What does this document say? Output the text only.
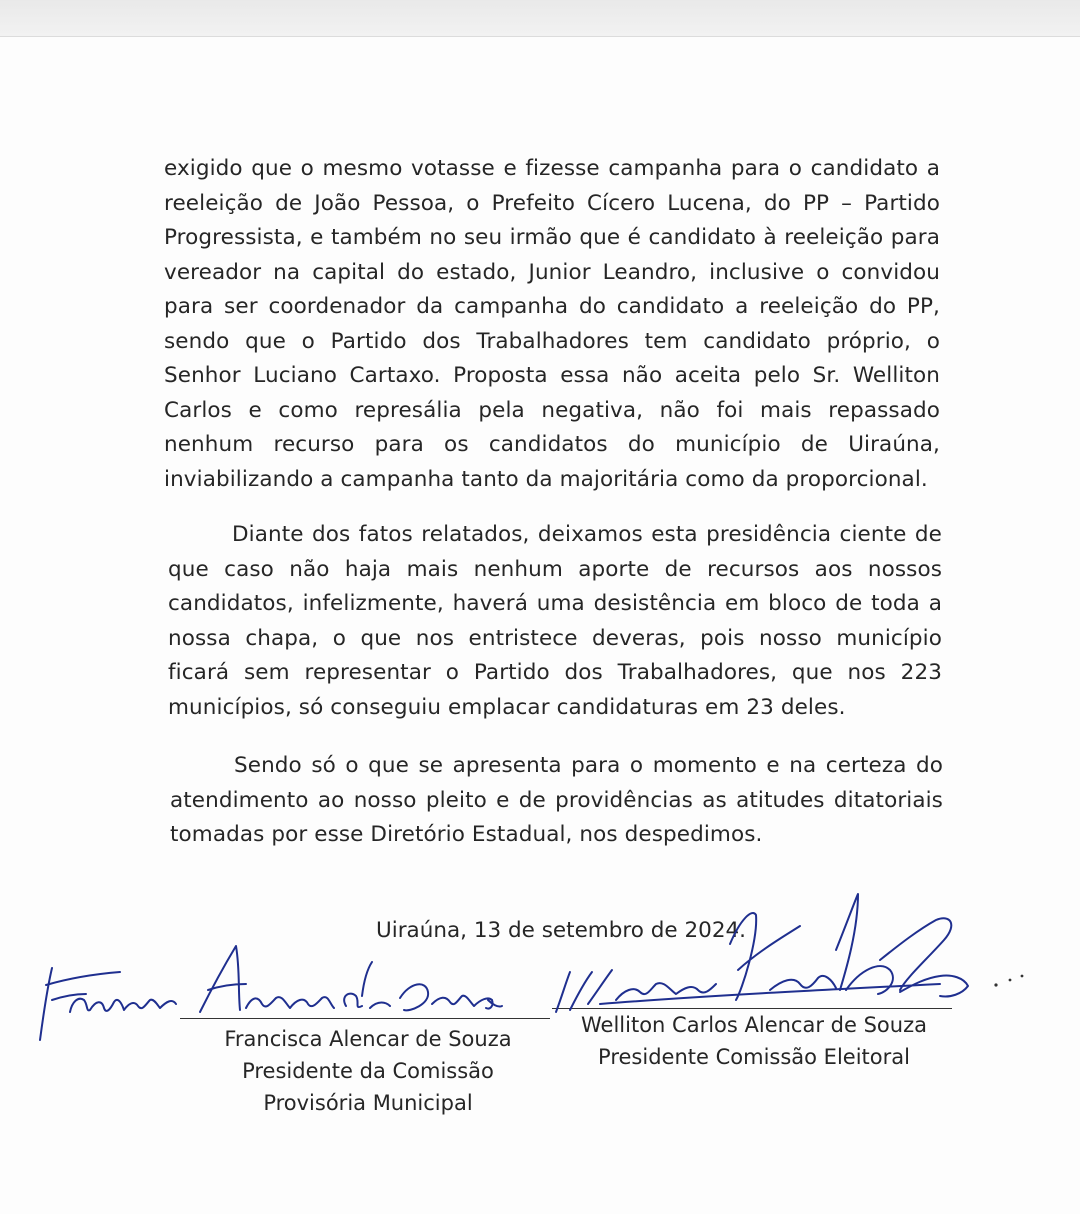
exigido que o mesmo votasse e fizesse campanha para o candidato a reeleição de João Pessoa, o Prefeito Cícero Lucena, do PP – Partido Progressista, e também no seu irmão que é candidato à reeleição para vereador na capital do estado, Junior Leandro, inclusive o convidou para ser coordenador da campanha do candidato a reeleição do PP, sendo que o Partido dos Trabalhadores tem candidato próprio, o Senhor Luciano Cartaxo. Proposta essa não aceita pelo Sr. Welliton Carlos e como represália pela negativa, não foi mais repassado nenhum recurso para os candidatos do município de Uiraúna, inviabilizando a campanha tanto da majoritária como da proporcional.

Diante dos fatos relatados, deixamos esta presidência ciente de que caso não haja mais nenhum aporte de recursos aos nossos candidatos, infelizmente, haverá uma desistência em bloco de toda a nossa chapa, o que nos entristece deveras, pois nosso município ficará sem representar o Partido dos Trabalhadores, que nos 223 municípios, só conseguiu emplacar candidaturas em 23 deles.

Sendo só o que se apresenta para o momento e na certeza do atendimento ao nosso pleito e de providências as atitudes ditatoriais tomadas por esse Diretório Estadual, nos despedimos.

Uiraúna, 13 de setembro de 2024.
Francisca Alencar de Souza
Presidente da Comissão
Provisória Municipal
Welliton Carlos Alencar de Souza
Presidente Comissão Eleitoral
